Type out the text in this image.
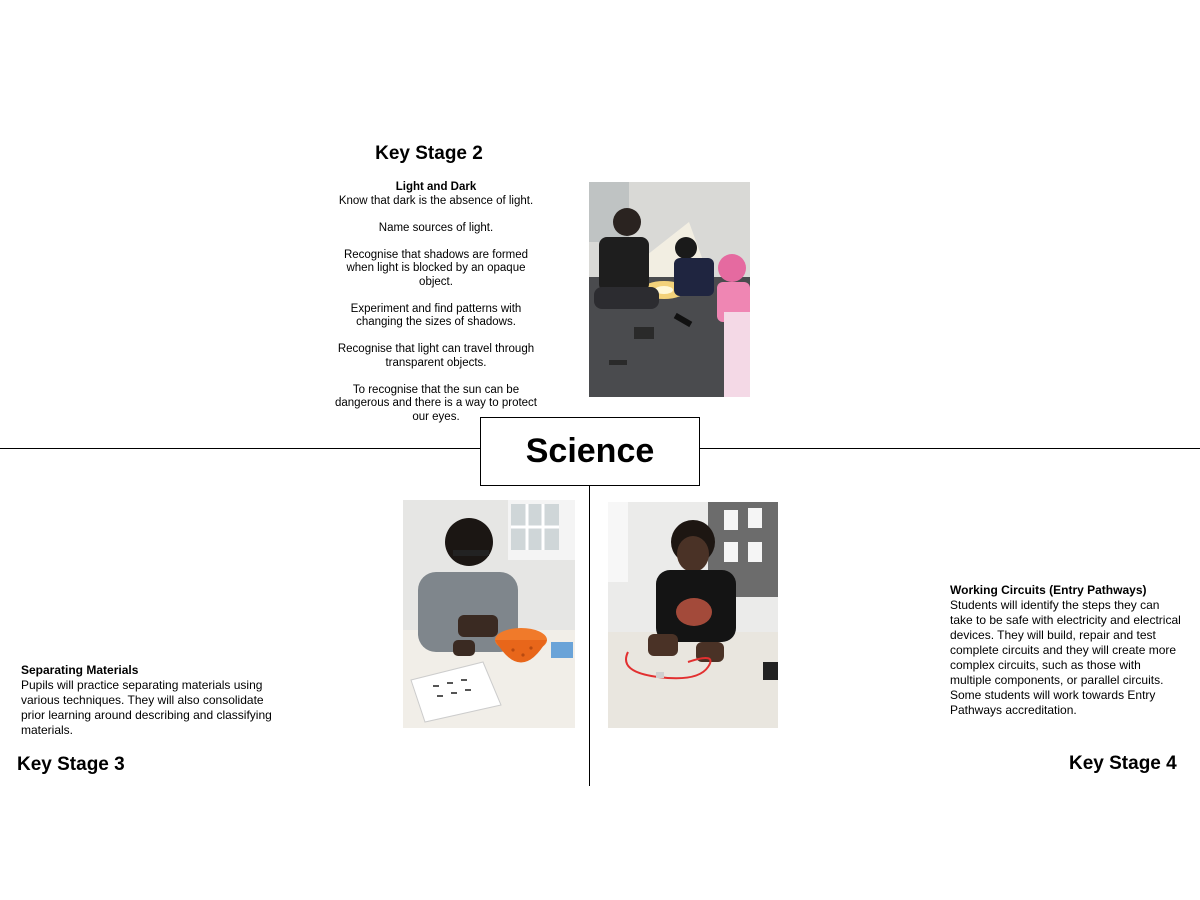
Science
Key Stage 2
Light and Dark

Know that dark is the absence of light.

Name sources of light.

Recognise that shadows are formed when light is blocked by an opaque object.

Experiment and find patterns with changing the sizes of shadows.

Recognise that light can travel through transparent objects.

To recognise that the sun can be dangerous and there is a way to protect our eyes.

Separating Materials
Pupils will practice separating materials using various techniques. They will also consolidate prior learning around describing and classifying materials.
Key Stage 3
Working Circuits (Entry Pathways)
Students will identify the steps they can take to be safe with electricity and electrical devices. They will build, repair and test complete circuits and they will create more complex circuits, such as those with multiple components, or parallel circuits. Some students will work towards Entry Pathways accreditation.
Key Stage 4
